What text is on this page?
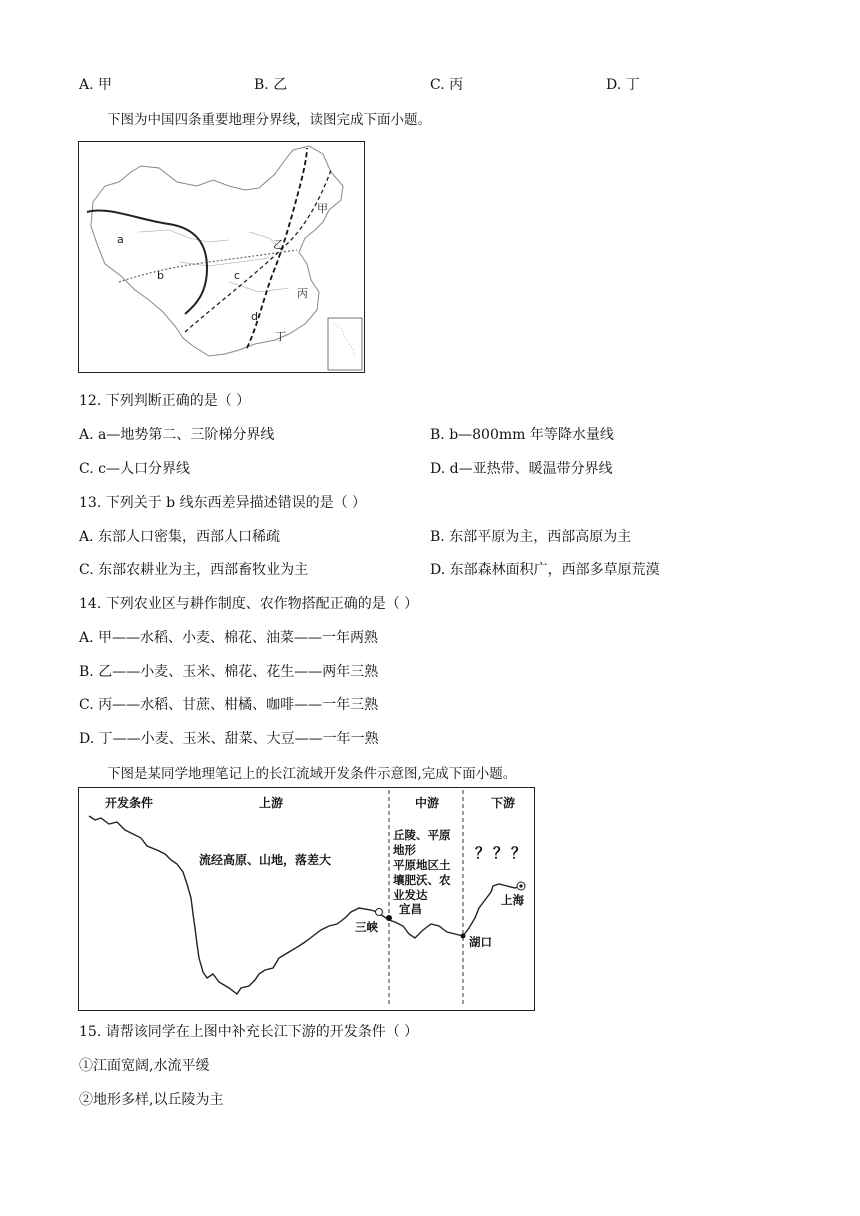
A. 甲	B. 乙	C. 丙	D. 丁
下图为中国四条重要地理分界线，读图完成下面小题。
a
b	c
d
甲
乙
丙
丁
12. 下列判断正确的是（ ）
A. a—地势第二、三阶梯分界线	B. b—800mm 年等降水量线
C. c—人口分界线	D. d—亚热带、暖温带分界线
13. 下列关于 b 线东西差异描述错误的是（ ）
A. 东部人口密集，西部人口稀疏	B. 东部平原为主，西部高原为主
C. 东部农耕业为主，西部畜牧业为主	D. 东部森林面积广，西部多草原荒漠
14. 下列农业区与耕作制度、农作物搭配正确的是（ ）
A. 甲——水稻、小麦、棉花、油菜——一年两熟
B. 乙——小麦、玉米、棉花、花生——两年三熟
C. 丙——水稻、甘蔗、柑橘、咖啡——一年三熟
D. 丁——小麦、玉米、甜菜、大豆——一年一熟
下图是某同学地理笔记上的长江流域开发条件示意图,完成下面小题。
开发条件	上游	中游	下游
流经高原、山地，落差大
丘陵、平原
地形
平原地区土
壤肥沃、农
业发达
？？？
宜昌
三峡
湖口
上海
15. 请帮该同学在上图中补充长江下游的开发条件（ ）
①江面宽阔,水流平缓
②地形多样,以丘陵为主
